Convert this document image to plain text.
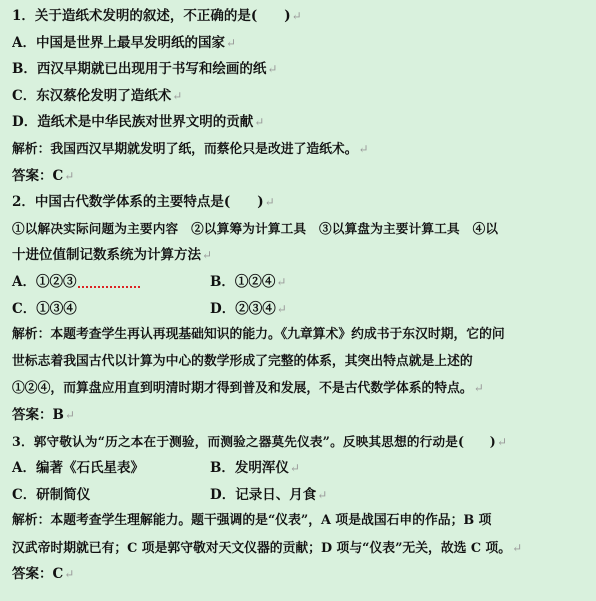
1．关于造纸术发明的叙述，不正确的是(　　)↵
A．中国是世界上最早发明纸的国家↵
B．西汉早期就已出现用于书写和绘画的纸↵
C．东汉蔡伦发明了造纸术↵
D．造纸术是中华民族对世界文明的贡献↵
解析：我国西汉早期就发明了纸，而蔡伦只是改进了造纸术。↵
答案：C↵
2．中国古代数学体系的主要特点是(　　)↵
①以解决实际问题为主要内容　②以算筹为计算工具　③以算盘为主要计算工具　④以
十进位值制记数系统为计算方法↵
A．①②③	B．①②④↵
C．①③④	D．②③④↵
解析：本题考查学生再认再现基础知识的能力。《九章算术》约成书于东汉时期，它的问
世标志着我国古代以计算为中心的数学形成了完整的体系，其突出特点就是上述的
①②④，而算盘应用直到明清时期才得到普及和发展，不是古代数学体系的特点。↵
答案：B↵
3．郭守敬认为“历之本在于测验，而测验之器莫先仪表”。反映其思想的行动是(　　)↵
A．编著《石氏星表》	B．发明浑仪↵
C．研制简仪	D．记录日、月食↵
解析：本题考查学生理解能力。题干强调的是“仪表”，A 项是战国石申的作品；B 项
汉武帝时期就已有；C 项是郭守敬对天文仪器的贡献；D 项与“仪表”无关，故选 C 项。↵
答案：C↵
